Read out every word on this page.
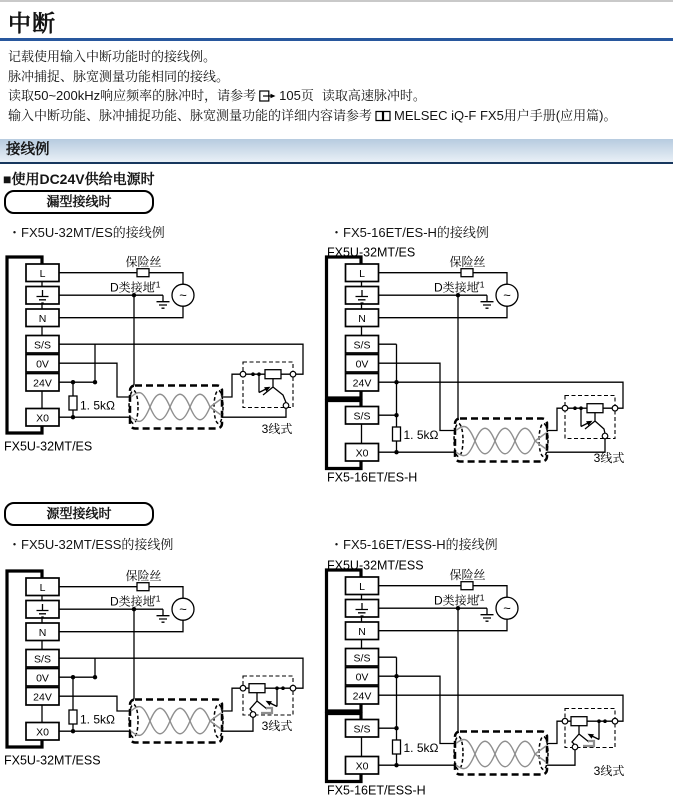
中断
记载使用输入中断功能时的接线例。
脉冲捕捉、脉宽测量功能相同的接线。
读取50~200kHz响应频率的脉冲时，请参考 105页 读取高速脉冲时。
输入中断功能、脉冲捕捉功能、脉宽测量功能的详细内容请参考 MELSEC iQ-F FX5用户手册(应用篇)。
接线例
■使用DC24V供给电源时
漏型接线时
・FX5U-32MT/ES的接线例	・FX5-16ET/ES-H的接线例
~
L
N
S/S
0V
24V
X0
保险丝
D类接地
*1
1. 5kΩ
3线式
FX5U-32MT/ES
FX5U-32MT/ES
~
L
N
S/S
0V
24V
S/S
X0
保险丝
D类接地
*1
1. 5kΩ
3线式
FX5-16ET/ES-H
源型接线时
・FX5U-32MT/ESS的接线例	・FX5-16ET/ESS-H的接线例
~
L
N
S/S
0V
24V
X0
保险丝
D类接地
*1
1. 5kΩ	3线式
FX5U-32MT/ESS
FX5U-32MT/ESS
~
L
N
S/S
0V
24V
S/S
X0
保险丝
D类接地
*1
1. 5kΩ
3线式
FX5-16ET/ESS-H
